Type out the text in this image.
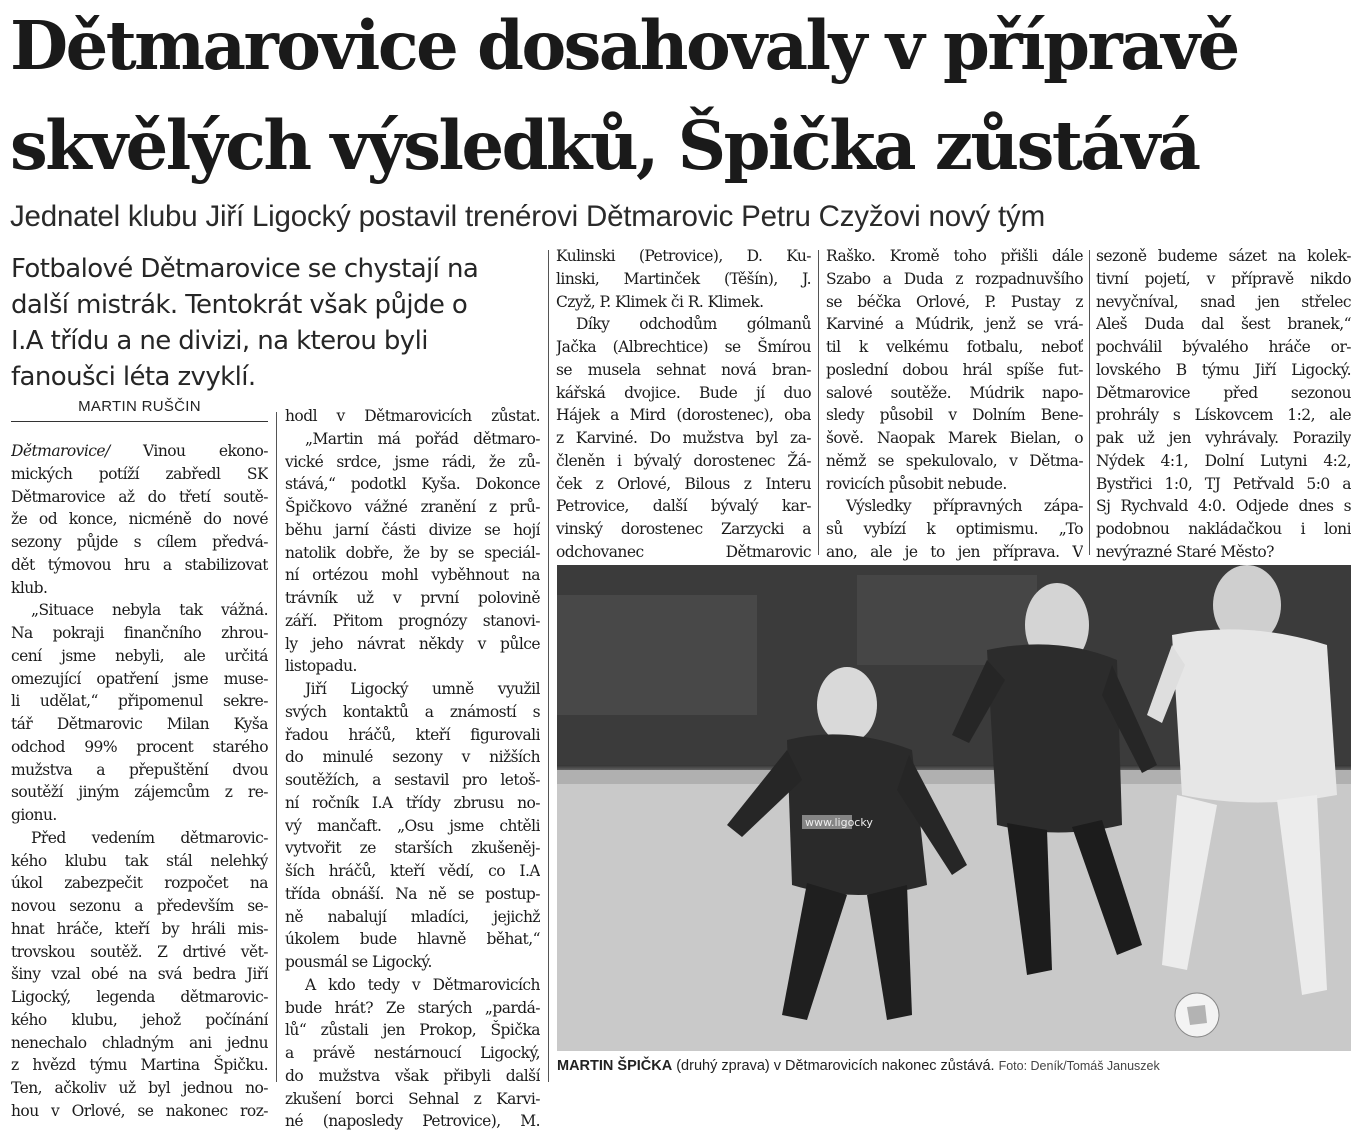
Dětmarovice dosahovaly v přípravě
skvělých výsledků, Špička zůstává

Jednatel klubu Jiří Ligocký postavil trenérovi Dětmarovic Petru Czyžovi nový tým

Fotbalové Dětmarovice se chystají na
další mistrák. Tentokrát však půjde o
I.A třídu a ne divizi, na kterou byli
fanoušci léta zvyklí.
MARTIN RUŠČIN
Dětmarovice/ Vinou ekono-
mických potíží zabředl SK
Dětmarovice až do třetí soutě-
že od konce, nicméně do nové
sezony půjde s cílem předvá-
dět týmovou hru a stabilizovat
klub.
„Situace nebyla tak vážná.
Na pokraji finančního zhrou-
cení jsme nebyli, ale určitá
omezující opatření jsme muse-
li udělat,“ připomenul sekre-
tář Dětmarovic Milan Kyša
odchod 99% procent starého
mužstva a přepuštění dvou
soutěží jiným zájemcům z re-
gionu.
Před vedením dětmarovic-
kého klubu tak stál nelehký
úkol zabezpečit rozpočet na
novou sezonu a především se-
hnat hráče, kteří by hráli mis-
trovskou soutěž. Z drtivé vět-
šiny vzal obé na svá bedra Jiří
Ligocký, legenda dětmarovic-
kého klubu, jehož počínání
nenechalo chladným ani jednu
z hvězd týmu Martina Špičku.
Ten, ačkoliv už byl jednou no-
hou v Orlové, se nakonec roz-
hodl v Dětmarovicích zůstat.
„Martin má pořád dětmaro-
vické srdce, jsme rádi, že zů-
stává,“ podotkl Kyša. Dokonce
Špičkovo vážné zranění z prů-
běhu jarní části divize se hojí
natolik dobře, že by se speciál-
ní ortézou mohl vyběhnout na
trávník už v první polovině
září. Přitom prognózy stanovi-
ly jeho návrat někdy v půlce
listopadu.
Jiří Ligocký umně využil
svých kontaktů a známostí s
řadou hráčů, kteří figurovali
do minulé sezony v nižších
soutěžích, a sestavil pro letoš-
ní ročník I.A třídy zbrusu no-
vý mančaft. „Osu jsme chtěli
vytvořit ze starších zkušeněj-
ších hráčů, kteří vědí, co I.A
třída obnáší. Na ně se postup-
ně nabalují mladíci, jejichž
úkolem bude hlavně běhat,“
pousmál se Ligocký.
A kdo tedy v Dětmarovicích
bude hrát? Ze starých „pardá-
lů“ zůstali jen Prokop, Špička
a právě nestárnoucí Ligocký,
do mužstva však přibyli další
zkušení borci Sehnal z Karvi-
né (naposledy Petrovice), M.
Kulinski (Petrovice), D. Ku-
linski, Martinček (Těšín), J.
Czyž, P. Klimek či R. Klimek.
Díky odchodům gólmanů
Jačka (Albrechtice) se Šmírou
se musela sehnat nová bran-
kářská dvojice. Bude jí duo
Hájek a Mird (dorostenec), oba
z Karviné. Do mužstva byl za-
členěn i bývalý dorostenec Žá-
ček z Orlové, Bilous z Interu
Petrovice, další bývalý kar-
vinský dorostenec Zarzycki a
odchovanec Dětmarovic
Raško. Kromě toho přišli dále
Szabo a Duda z rozpadnuvšího
se béčka Orlové, P. Pustay z
Karviné a Múdrik, jenž se vrá-
til k velkému fotbalu, neboť
poslední dobou hrál spíše fut-
salové soutěže. Múdrik napo-
sledy působil v Dolním Bene-
šově. Naopak Marek Bielan, o
němž se spekulovalo, v Dětma-
rovicích působit nebude.
Výsledky přípravných zápa-
sů vybízí k optimismu. „To
ano, ale je to jen příprava. V
sezoně budeme sázet na kolek-
tivní pojetí, v přípravě nikdo
nevyčníval, snad jen střelec
Aleš Duda dal šest branek,“
pochválil bývalého hráče or-
lovského B týmu Jiří Ligocký.
Dětmarovice před sezonou
prohrály s Lískovcem 1:2, ale
pak už jen vyhrávaly. Porazily
Nýdek 4:1, Dolní Lutyni 4:2,
Bystřici 1:0, TJ Petřvald 5:0 a
Sj Rychvald 4:0. Odjede dnes s
podobnou nakládačkou i loni
nevýrazné Staré Město?
www.ligocky
MARTIN ŠPIČKA (druhý zprava) v Dětmarovicích nakonec zůstává. Foto: Deník/Tomáš Januszek
